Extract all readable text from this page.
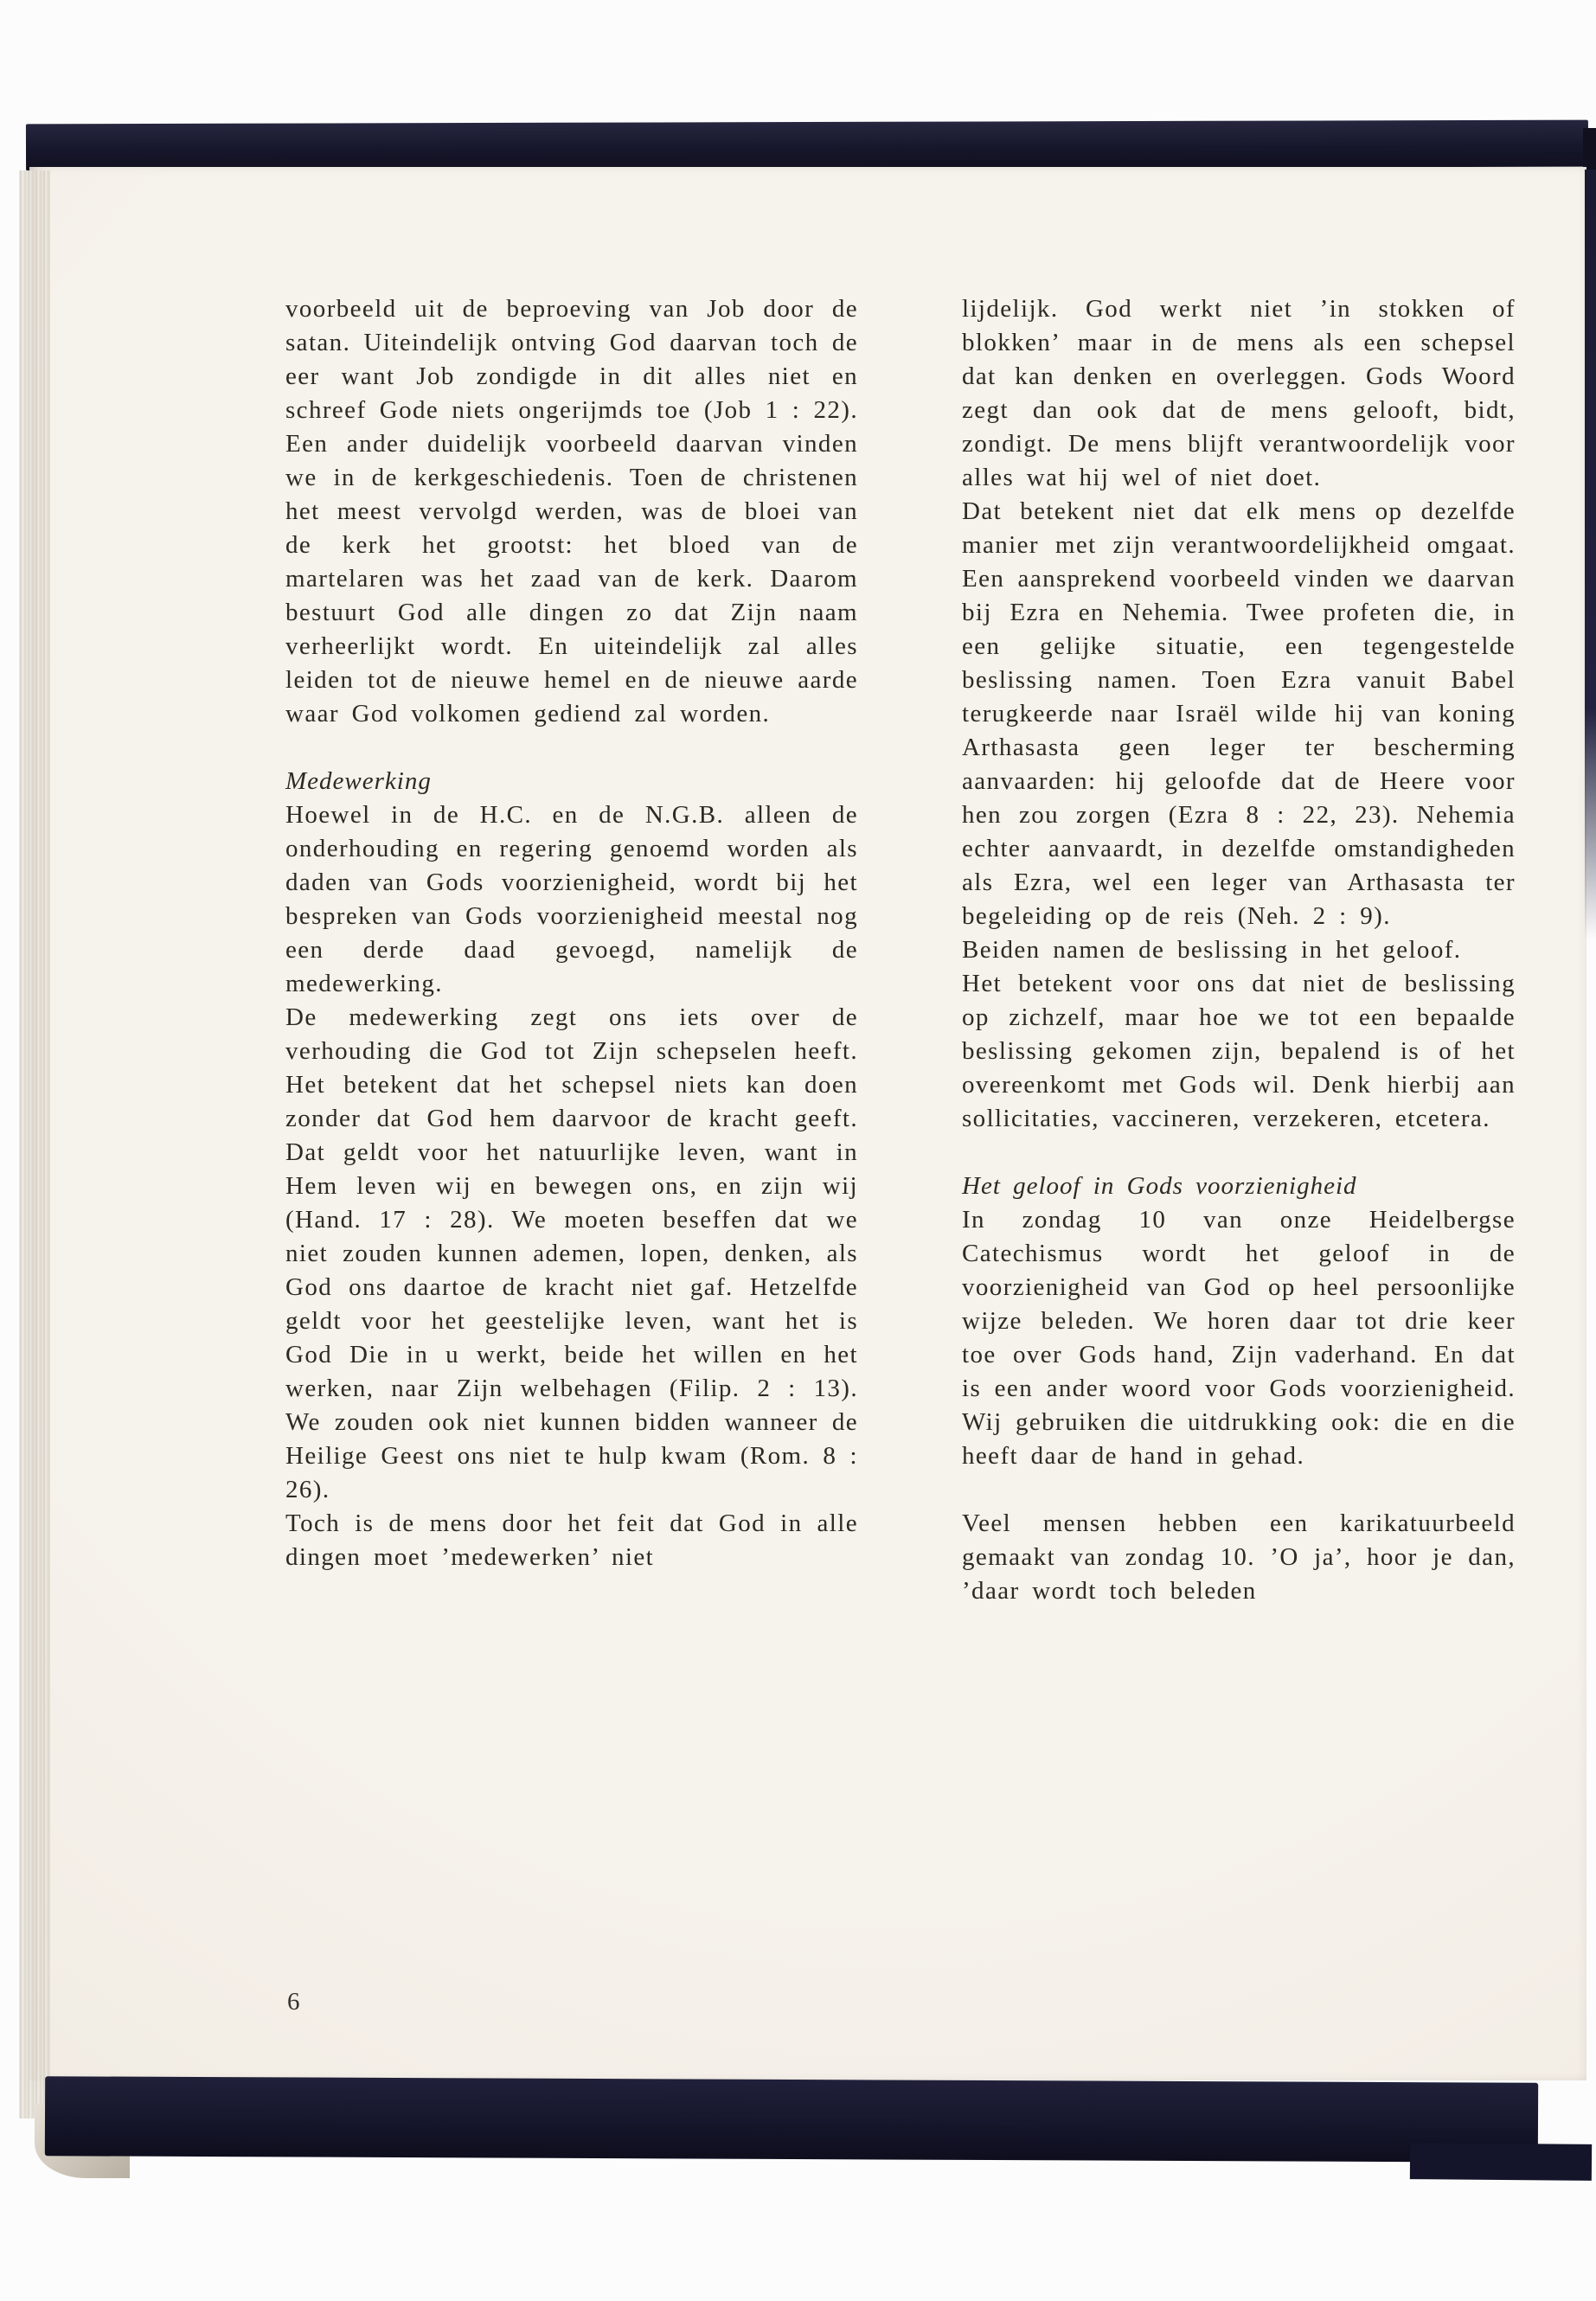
voorbeeld uit de beproeving van Job door de satan. Uiteindelijk ontving God daarvan toch de eer want Job zondigde in dit alles niet en schreef Gode niets ongerijmds toe (Job 1 : 22). Een ander duidelijk voorbeeld daarvan vinden we in de kerkgeschiedenis. Toen de christenen het meest vervolgd werden, was de bloei van de kerk het grootst: het bloed van de martelaren was het zaad van de kerk. Daarom bestuurt God alle dingen zo dat Zijn naam verheerlijkt wordt. En uiteindelijk zal alles leiden tot de nieuwe hemel en de nieuwe aarde waar God volkomen gediend zal worden.

Medewerking

Hoewel in de H.C. en de N.G.B. alleen de onderhouding en regering genoemd worden als daden van Gods voorzienigheid, wordt bij het bespreken van Gods voorzienigheid meestal nog een derde daad gevoegd, namelijk de medewerking.

De medewerking zegt ons iets over de verhouding die God tot Zijn schepselen heeft. Het betekent dat het schepsel niets kan doen zonder dat God hem daarvoor de kracht geeft. Dat geldt voor het natuurlijke leven, want in Hem leven wij en bewegen ons, en zijn wij (Hand. 17 : 28). We moeten beseffen dat we niet zouden kunnen ademen, lopen, denken, als God ons daartoe de kracht niet gaf. Hetzelfde geldt voor het geestelijke leven, want het is God Die in u werkt, beide het willen en het werken, naar Zijn welbehagen (Filip. 2 : 13). We zouden ook niet kunnen bidden wanneer de Heilige Geest ons niet te hulp kwam (Rom. 8 : 26).

Toch is de mens door het feit dat God in alle dingen moet ’medewerken’ niet

lijdelijk. God werkt niet ’in stokken of blokken’ maar in de mens als een schepsel dat kan denken en overleggen. Gods Woord zegt dan ook dat de mens gelooft, bidt, zondigt. De mens blijft verantwoordelijk voor alles wat hij wel of niet doet.

Dat betekent niet dat elk mens op dezelfde manier met zijn verantwoordelijkheid omgaat. Een aansprekend voorbeeld vinden we daarvan bij Ezra en Nehemia. Twee profeten die, in een gelijke situatie, een tegengestelde beslissing namen. Toen Ezra vanuit Babel terugkeerde naar Israël wilde hij van koning Arthasasta geen leger ter bescherming aanvaarden: hij geloofde dat de Heere voor hen zou zorgen (Ezra 8 : 22, 23). Nehemia echter aanvaardt, in dezelfde omstandigheden als Ezra, wel een leger van Arthasasta ter begeleiding op de reis (Neh. 2 : 9).

Beiden namen de beslissing in het geloof.

Het betekent voor ons dat niet de beslissing op zichzelf, maar hoe we tot een bepaalde beslissing gekomen zijn, bepalend is of het overeenkomt met Gods wil. Denk hierbij aan sollicitaties, vaccineren, verzekeren, etcetera.

Het geloof in Gods voorzienigheid

In zondag 10 van onze Heidelbergse Catechismus wordt het geloof in de voorzienigheid van God op heel persoonlijke wijze beleden. We horen daar tot drie keer toe over Gods hand, Zijn vaderhand. En dat is een ander woord voor Gods voorzienigheid. Wij gebruiken die uitdrukking ook: die en die heeft daar de hand in gehad.

Veel mensen hebben een karikatuurbeeld gemaakt van zondag 10. ’O ja’, hoor je dan, ’daar wordt toch beleden

6
